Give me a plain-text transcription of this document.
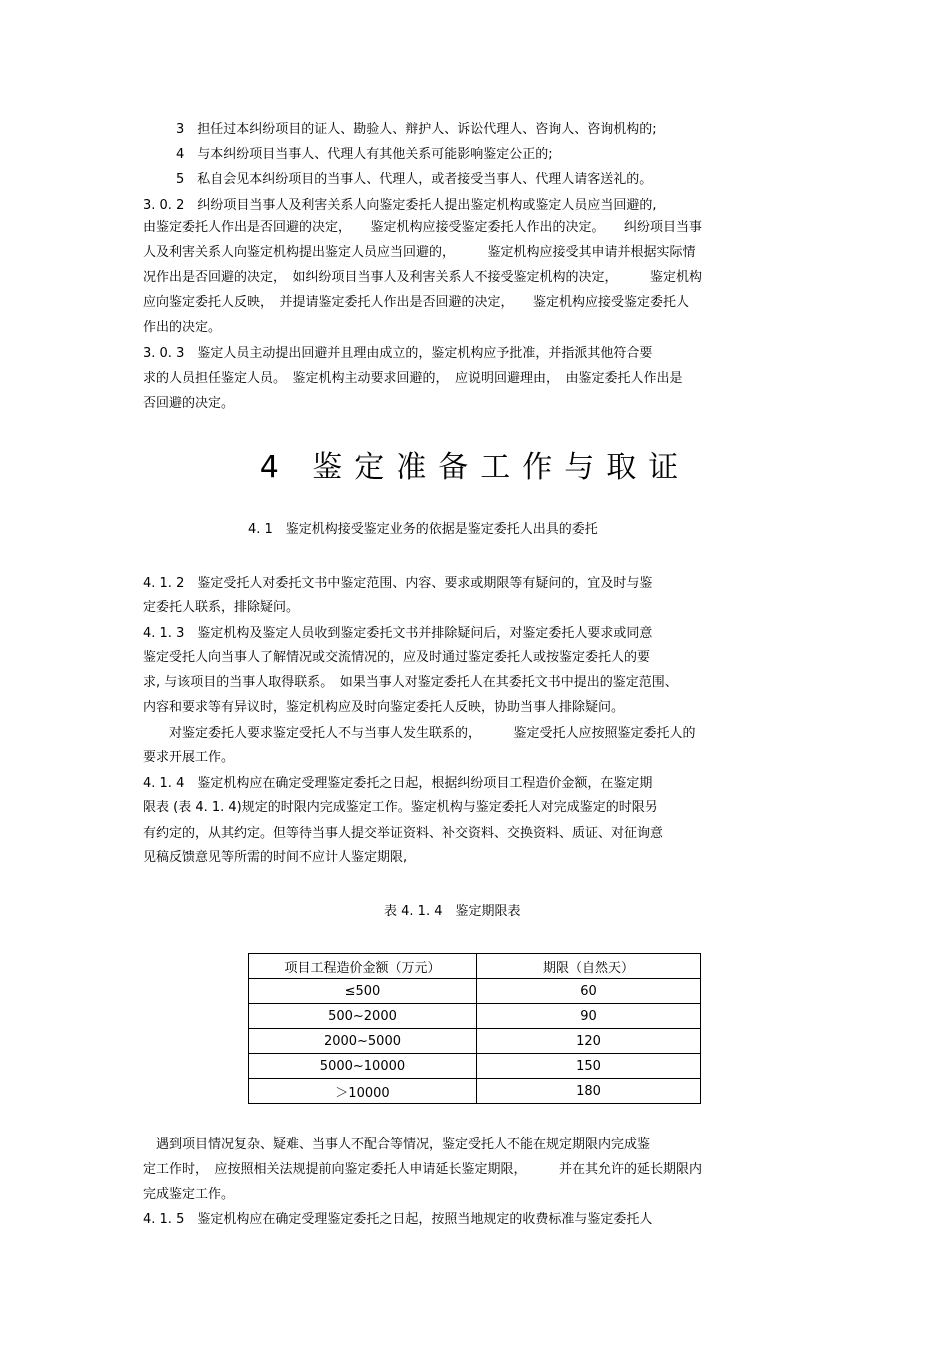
3　担任过本纠纷项目的证人、勘验人、辩护人、诉讼代理人、咨询人、咨询机构的;
4　与本纠纷项目当事人、代理人有其他关系可能影响鉴定公正的;
5　私自会见本纠纷项目的当事人、代理人，或者接受当事人、代理人请客送礼的。
3. 0. 2　纠纷项目当事人及利害关系人向鉴定委托人提出鉴定机构或鉴定人员应当回避的,
由鉴定委托人作出是否回避的决定，　　鉴定机构应接受鉴定委托人作出的决定。　　纠纷项目当事
人及利害关系人向鉴定机构提出鉴定人员应当回避的，　　　鉴定机构应接受其申请并根据实际情
况作出是否回避的决定，　如纠纷项目当事人及利害关系人不接受鉴定机构的决定，　　　鉴定机构
应向鉴定委托人反映，　并提请鉴定委托人作出是否回避的决定，　　鉴定机构应接受鉴定委托人
作出的决定。
3. 0. 3　鉴定人员主动提出回避并且理由成立的，鉴定机构应予批准，并指派其他符合要
求的人员担任鉴定人员。　鉴定机构主动要求回避的，　应说明回避理由，　由鉴定委托人作出是
否回避的决定。
4 鉴定准备工作与取证
4. 1　鉴定机构接受鉴定业务的依据是鉴定委托人出具的委托
4. 1. 2　鉴定受托人对委托文书中鉴定范围、内容、要求或期限等有疑问的，宜及时与鉴
定委托人联系，排除疑问。
4. 1. 3　鉴定机构及鉴定人员收到鉴定委托文书并排除疑问后，对鉴定委托人要求或同意
鉴定受托人向当事人了解情况或交流情况的，应及时通过鉴定委托人或按鉴定委托人的要
求, 与该项目的当事人取得联系。　如果当事人对鉴定委托人在其委托文书中提出的鉴定范围、
内容和要求等有异议时，鉴定机构应及时向鉴定委托人反映，协助当事人排除疑问。
　　对鉴定委托人要求鉴定受托人不与当事人发生联系的，　　　鉴定受托人应按照鉴定委托人的
要求开展工作。
4. 1. 4　鉴定机构应在确定受理鉴定委托之日起，根据纠纷项目工程造价金额，在鉴定期
限表 (表 4. 1. 4)规定的时限内完成鉴定工作。鉴定机构与鉴定委托人对完成鉴定的时限另
有约定的，从其约定。但等待当事人提交举证资料、补交资料、交换资料、质证、对征询意
见稿反馈意见等所需的时间不应计人鉴定期限,
表 4. 1. 4　鉴定期限表
项目工程造价金额（万元）	期限（自然天）
≤500	60
500~2000	90
2000~5000	120
5000~10000	150
＞10000	180
　遇到项目情况复杂、疑难、当事人不配合等情况，鉴定受托人不能在规定期限内完成鉴
定工作时，　应按照相关法规提前向鉴定委托人申请延长鉴定期限，　　　并在其允许的延长期限内
完成鉴定工作。
4. 1. 5　鉴定机构应在确定受理鉴定委托之日起，按照当地规定的收费标准与鉴定委托人
